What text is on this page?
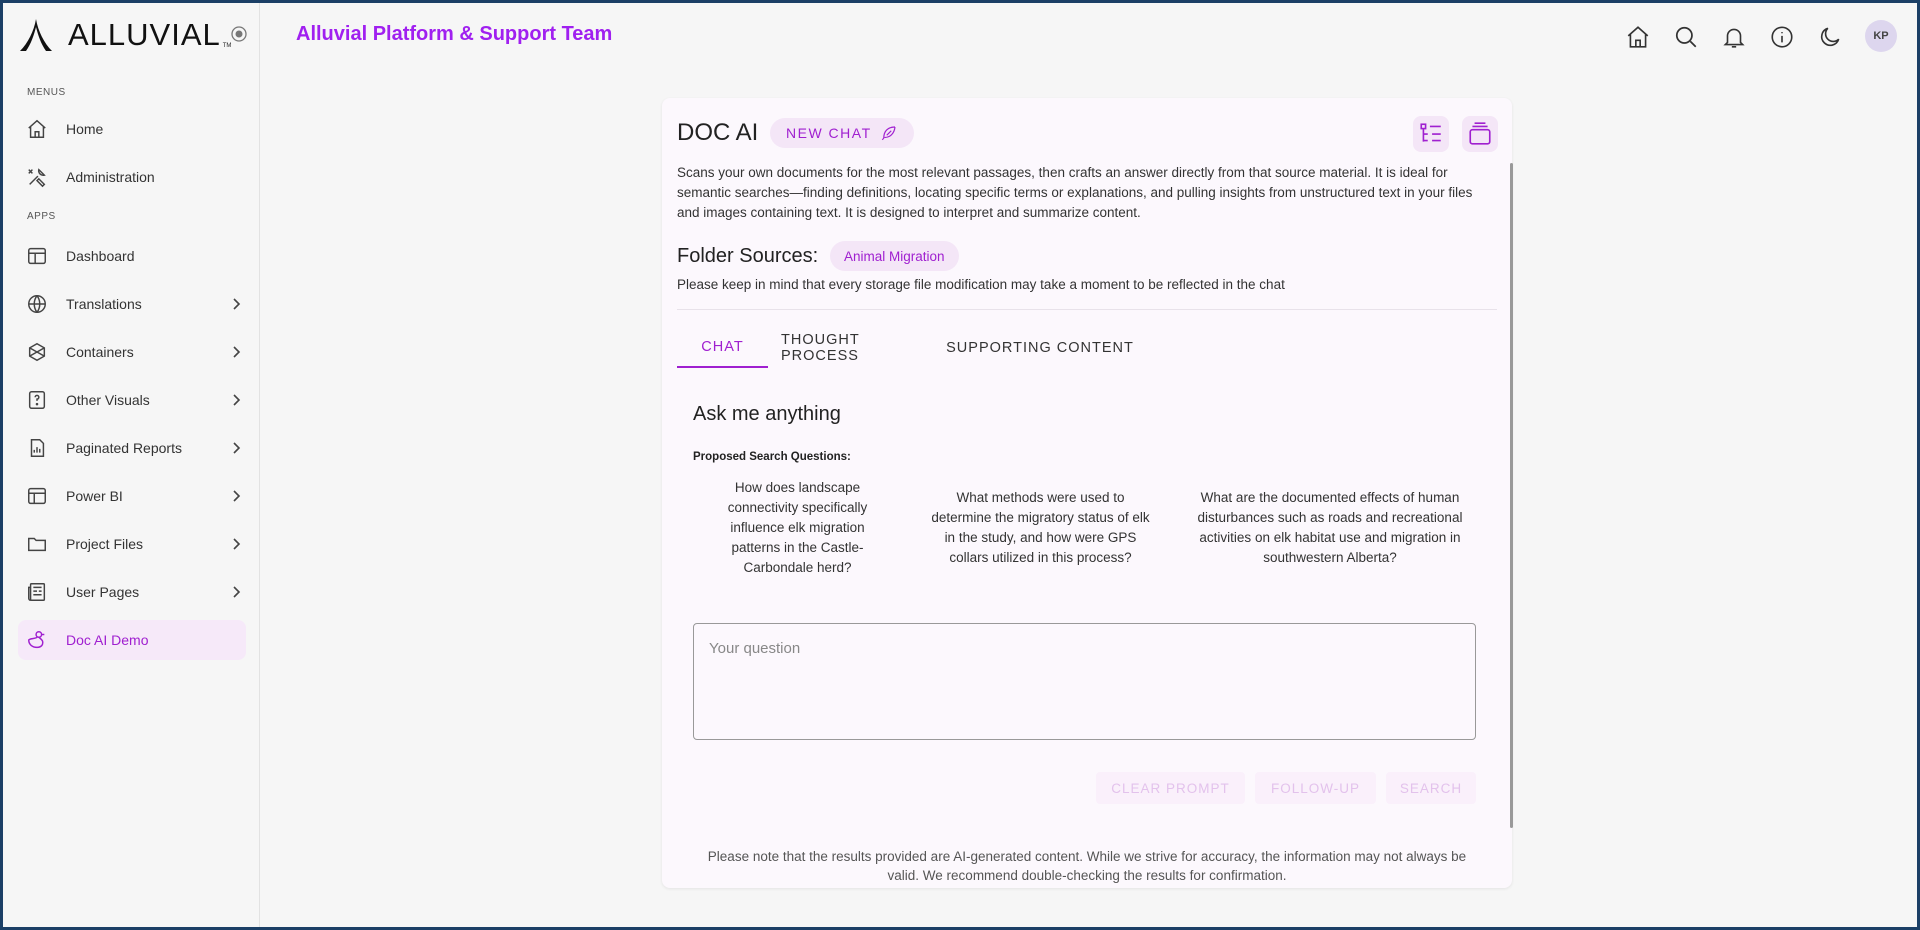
ALLUVIAL TM
MENUS
Home
Administration
APPS
Dashboard
Translations
Containers
Other Visuals
Paginated Reports
Power BI
Project Files
User Pages
Doc AI Demo
Alluvial Platform & Support Team	KP
DOC AI NEW CHAT

Scans your own documents for the most relevant passages, then crafts an answer directly from that source material. It is ideal for semantic searches—finding definitions, locating specific terms or explanations, and pulling insights from unstructured text in your files and images containing text. It is designed to interpret and summarize content.

Folder Sources:	Animal Migration
Please keep in mind that every storage file modification may take a moment to be reflected in the chat
CHAT	THOUGHT PROCESS	SUPPORTING CONTENT
Ask me anything
Proposed Search Questions:
How does landscape connectivity specifically influence elk migration patterns in the Castle-Carbondale herd?
What methods were used to determine the migratory status of elk in the study, and how were GPS collars utilized in this process?
What are the documented effects of human disturbances such as roads and recreational activities on elk habitat use and migration in southwestern Alberta?
Your question
CLEAR PROMPT	FOLLOW-UP	SEARCH

Please note that the results provided are AI-generated content. While we strive for accuracy, the information may not always be valid. We recommend double-checking the results for confirmation.
